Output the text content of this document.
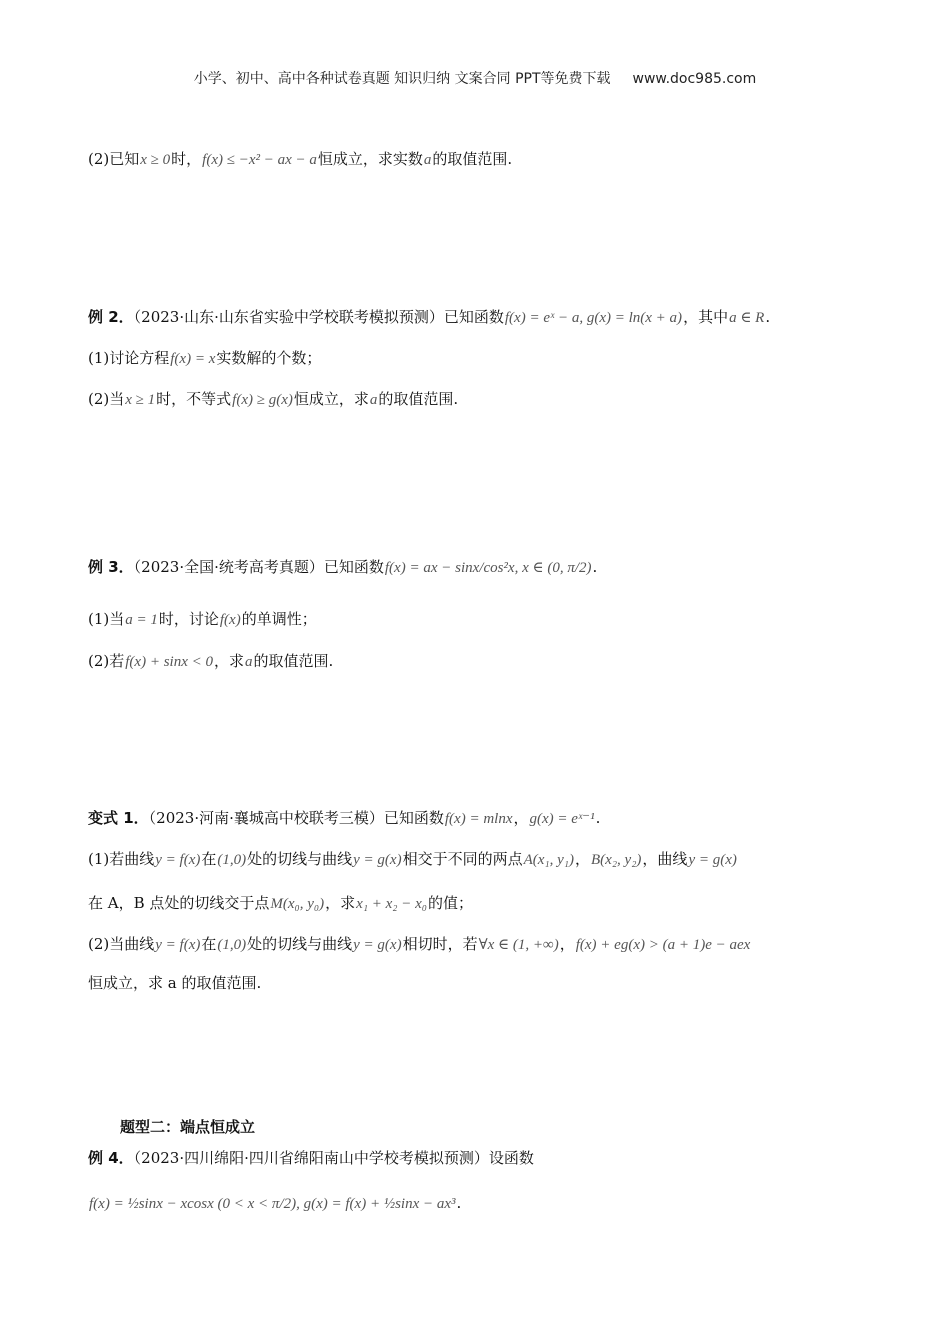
小学、初中、高中各种试卷真题 知识归纳 文案合同 PPT等免费下载 www.doc985.com
(2)已知x ≥ 0时，f(x) ≤ −x² − ax − a恒成立，求实数a的取值范围.
例 2．（2023·山东·山东省实验中学校联考模拟预测）已知函数f(x) = eˣ − a, g(x) = ln(x + a)，其中a ∈ R.
(1)讨论方程f(x) = x实数解的个数；
(2)当x ≥ 1时，不等式f(x) ≥ g(x)恒成立，求a的取值范围.
例 3．（2023·全国·统考高考真题）已知函数f(x) = ax − sinx/cos²x, x ∈ (0, π/2).
(1)当a = 1时，讨论f(x)的单调性；
(2)若f(x) + sinx < 0，求a的取值范围.
变式 1．（2023·河南·襄城高中校联考三模）已知函数f(x) = mlnx，g(x) = eˣ⁻¹.
(1)若曲线y = f(x)在(1,0)处的切线与曲线y = g(x)相交于不同的两点A(x₁, y₁)，B(x₂, y₂)，曲线y = g(x)
在 A，B 点处的切线交于点M(x₀, y₀)，求x₁ + x₂ − x₀的值；
(2)当曲线y = f(x)在(1,0)处的切线与曲线y = g(x)相切时，若∀x ∈ (1, +∞)，f(x) + eg(x) > (a + 1)e − aex
恒成立，求 a 的取值范围.
题型二：端点恒成立
例 4．（2023·四川绵阳·四川省绵阳南山中学校考模拟预测）设函数
f(x) = ½sinx − xcosx (0 < x < π/2), g(x) = f(x) + ½sinx − ax³.
